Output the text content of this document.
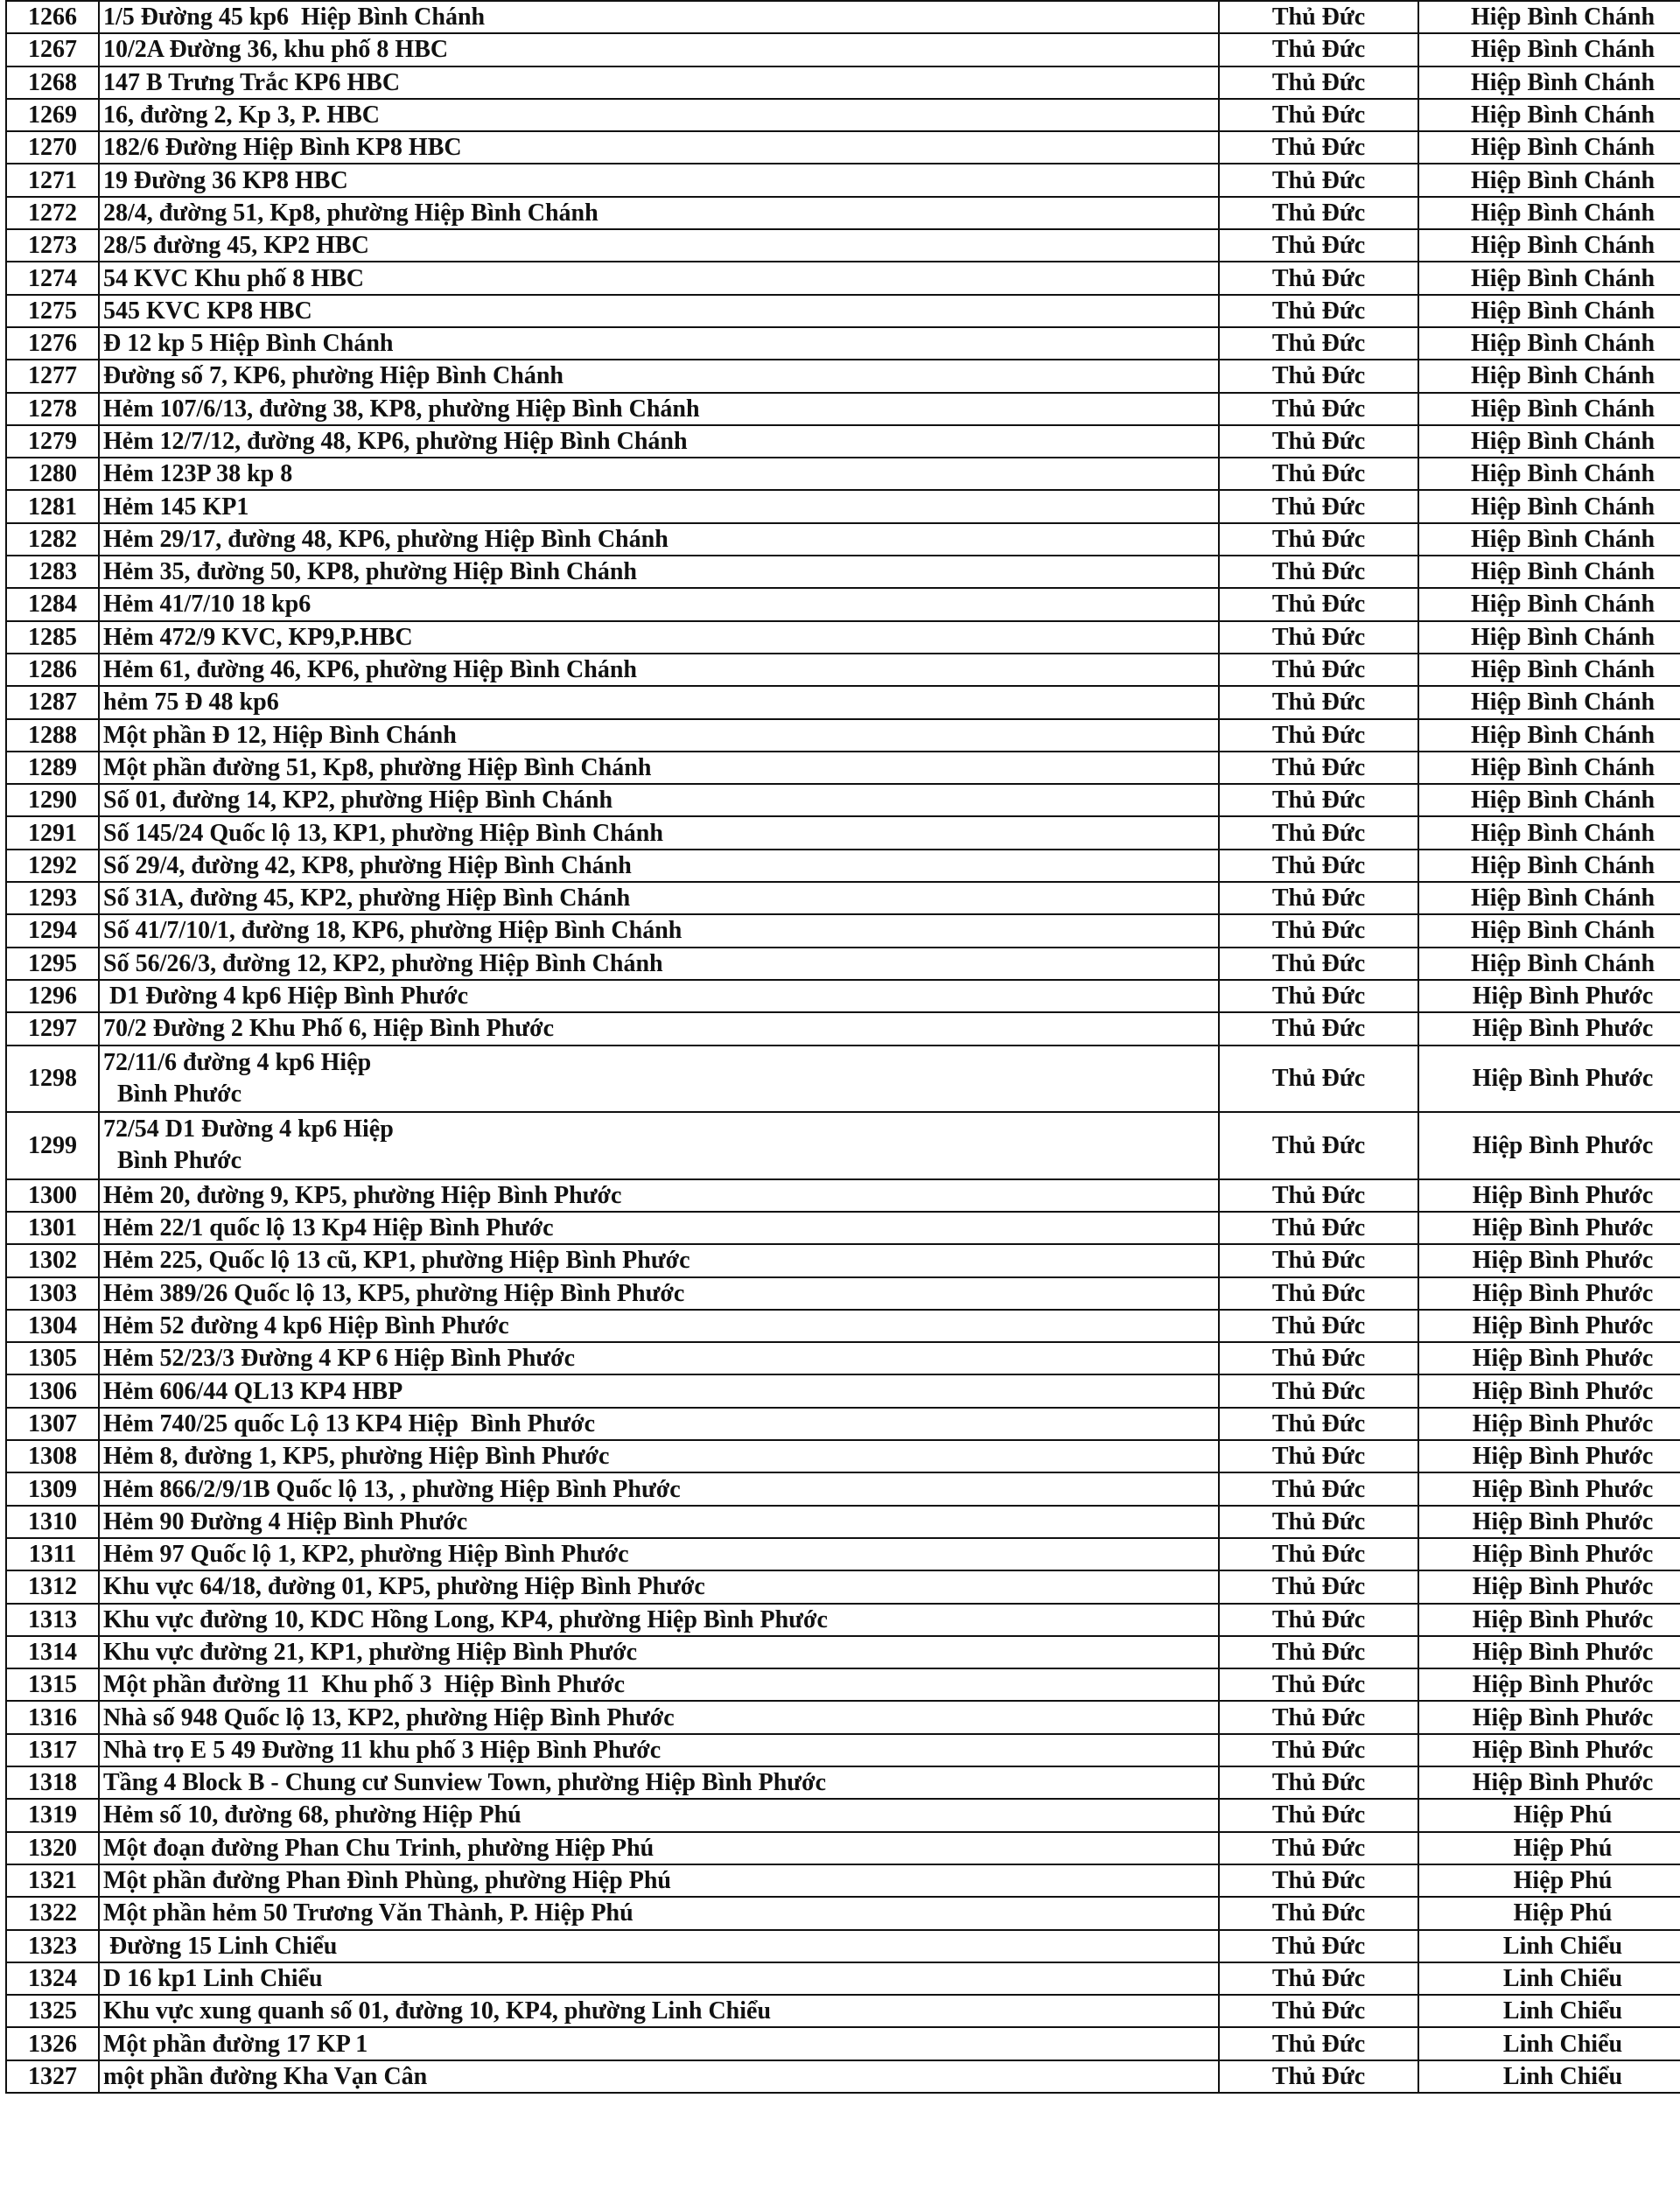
1266	1/5 Đường 45 kp6  Hiệp Bình Chánh	Thủ Đức	Hiệp Bình Chánh
1267	10/2A Đường 36, khu phố 8 HBC	Thủ Đức	Hiệp Bình Chánh
1268	147 B Trưng Trắc KP6 HBC	Thủ Đức	Hiệp Bình Chánh
1269	16, đường 2, Kp 3, P. HBC	Thủ Đức	Hiệp Bình Chánh
1270	182/6 Đường Hiệp Bình KP8 HBC	Thủ Đức	Hiệp Bình Chánh
1271	19 Đường 36 KP8 HBC	Thủ Đức	Hiệp Bình Chánh
1272	28/4, đường 51, Kp8, phường Hiệp Bình Chánh	Thủ Đức	Hiệp Bình Chánh
1273	28/5 đường 45, KP2 HBC	Thủ Đức	Hiệp Bình Chánh
1274	54 KVC Khu phố 8 HBC	Thủ Đức	Hiệp Bình Chánh
1275	545 KVC KP8 HBC	Thủ Đức	Hiệp Bình Chánh
1276	Đ 12 kp 5 Hiệp Bình Chánh	Thủ Đức	Hiệp Bình Chánh
1277	Đường số 7, KP6, phường Hiệp Bình Chánh	Thủ Đức	Hiệp Bình Chánh
1278	Hẻm 107/6/13, đường 38, KP8, phường Hiệp Bình Chánh	Thủ Đức	Hiệp Bình Chánh
1279	Hẻm 12/7/12, đường 48, KP6, phường Hiệp Bình Chánh	Thủ Đức	Hiệp Bình Chánh
1280	Hẻm 123P 38 kp 8	Thủ Đức	Hiệp Bình Chánh
1281	Hẻm 145 KP1	Thủ Đức	Hiệp Bình Chánh
1282	Hẻm 29/17, đường 48, KP6, phường Hiệp Bình Chánh	Thủ Đức	Hiệp Bình Chánh
1283	Hẻm 35, đường 50, KP8, phường Hiệp Bình Chánh	Thủ Đức	Hiệp Bình Chánh
1284	Hẻm 41/7/10 18 kp6	Thủ Đức	Hiệp Bình Chánh
1285	Hẻm 472/9 KVC, KP9,P.HBC	Thủ Đức	Hiệp Bình Chánh
1286	Hẻm 61, đường 46, KP6, phường Hiệp Bình Chánh	Thủ Đức	Hiệp Bình Chánh
1287	hẻm 75 Đ 48 kp6	Thủ Đức	Hiệp Bình Chánh
1288	Một phần Đ 12, Hiệp Bình Chánh	Thủ Đức	Hiệp Bình Chánh
1289	Một phần đường 51, Kp8, phường Hiệp Bình Chánh	Thủ Đức	Hiệp Bình Chánh
1290	Số 01, đường 14, KP2, phường Hiệp Bình Chánh	Thủ Đức	Hiệp Bình Chánh
1291	Số 145/24 Quốc lộ 13, KP1, phường Hiệp Bình Chánh	Thủ Đức	Hiệp Bình Chánh
1292	Số 29/4, đường 42, KP8, phường Hiệp Bình Chánh	Thủ Đức	Hiệp Bình Chánh
1293	Số 31A, đường 45, KP2, phường Hiệp Bình Chánh	Thủ Đức	Hiệp Bình Chánh
1294	Số 41/7/10/1, đường 18, KP6, phường Hiệp Bình Chánh	Thủ Đức	Hiệp Bình Chánh
1295	Số 56/26/3, đường 12, KP2, phường Hiệp Bình Chánh	Thủ Đức	Hiệp Bình Chánh
1296	D1 Đường 4 kp6 Hiệp Bình Phước	Thủ Đức	Hiệp Bình Phước
1297	70/2 Đường 2 Khu Phố 6, Hiệp Bình Phước	Thủ Đức	Hiệp Bình Phước
1298	72/11/6 đường 4 kp6 Hiệp
Bình Phước	Thủ Đức	Hiệp Bình Phước
1299	72/54 D1 Đường 4 kp6 Hiệp
Bình Phước	Thủ Đức	Hiệp Bình Phước
1300	Hẻm 20, đường 9, KP5, phường Hiệp Bình Phước	Thủ Đức	Hiệp Bình Phước
1301	Hẻm 22/1 quốc lộ 13 Kp4 Hiệp Bình Phước	Thủ Đức	Hiệp Bình Phước
1302	Hẻm 225, Quốc lộ 13 cũ, KP1, phường Hiệp Bình Phước	Thủ Đức	Hiệp Bình Phước
1303	Hẻm 389/26 Quốc lộ 13, KP5, phường Hiệp Bình Phước	Thủ Đức	Hiệp Bình Phước
1304	Hẻm 52 đường 4 kp6 Hiệp Bình Phước	Thủ Đức	Hiệp Bình Phước
1305	Hẻm 52/23/3 Đường 4 KP 6 Hiệp Bình Phước	Thủ Đức	Hiệp Bình Phước
1306	Hẻm 606/44 QL13 KP4 HBP	Thủ Đức	Hiệp Bình Phước
1307	Hẻm 740/25 quốc Lộ 13 KP4 Hiệp  Bình Phước	Thủ Đức	Hiệp Bình Phước
1308	Hẻm 8, đường 1, KP5, phường Hiệp Bình Phước	Thủ Đức	Hiệp Bình Phước
1309	Hẻm 866/2/9/1B Quốc lộ 13, , phường Hiệp Bình Phước	Thủ Đức	Hiệp Bình Phước
1310	Hẻm 90 Đường 4 Hiệp Bình Phước	Thủ Đức	Hiệp Bình Phước
1311	Hẻm 97 Quốc lộ 1, KP2, phường Hiệp Bình Phước	Thủ Đức	Hiệp Bình Phước
1312	Khu vực 64/18, đường 01, KP5, phường Hiệp Bình Phước	Thủ Đức	Hiệp Bình Phước
1313	Khu vực đường 10, KDC Hồng Long, KP4, phường Hiệp Bình Phước	Thủ Đức	Hiệp Bình Phước
1314	Khu vực đường 21, KP1, phường Hiệp Bình Phước	Thủ Đức	Hiệp Bình Phước
1315	Một phần đường 11  Khu phố 3  Hiệp Bình Phước	Thủ Đức	Hiệp Bình Phước
1316	Nhà số 948 Quốc lộ 13, KP2, phường Hiệp Bình Phước	Thủ Đức	Hiệp Bình Phước
1317	Nhà trọ E 5 49 Đường 11 khu phố 3 Hiệp Bình Phước	Thủ Đức	Hiệp Bình Phước
1318	Tầng 4 Block B - Chung cư Sunview Town, phường Hiệp Bình Phước	Thủ Đức	Hiệp Bình Phước
1319	Hẻm số 10, đường 68, phường Hiệp Phú	Thủ Đức	Hiệp Phú
1320	Một đoạn đường Phan Chu Trinh, phường Hiệp Phú	Thủ Đức	Hiệp Phú
1321	Một phần đường Phan Đình Phùng, phường Hiệp Phú	Thủ Đức	Hiệp Phú
1322	Một phần hẻm 50 Trương Văn Thành, P. Hiệp Phú	Thủ Đức	Hiệp Phú
1323	Đường 15 Linh Chiểu	Thủ Đức	Linh Chiểu
1324	D 16 kp1 Linh Chiểu	Thủ Đức	Linh Chiểu
1325	Khu vực xung quanh số 01, đường 10, KP4, phường Linh Chiểu	Thủ Đức	Linh Chiểu
1326	Một phần đường 17 KP 1	Thủ Đức	Linh Chiểu
1327	một phần đường Kha Vạn Cân	Thủ Đức	Linh Chiểu
